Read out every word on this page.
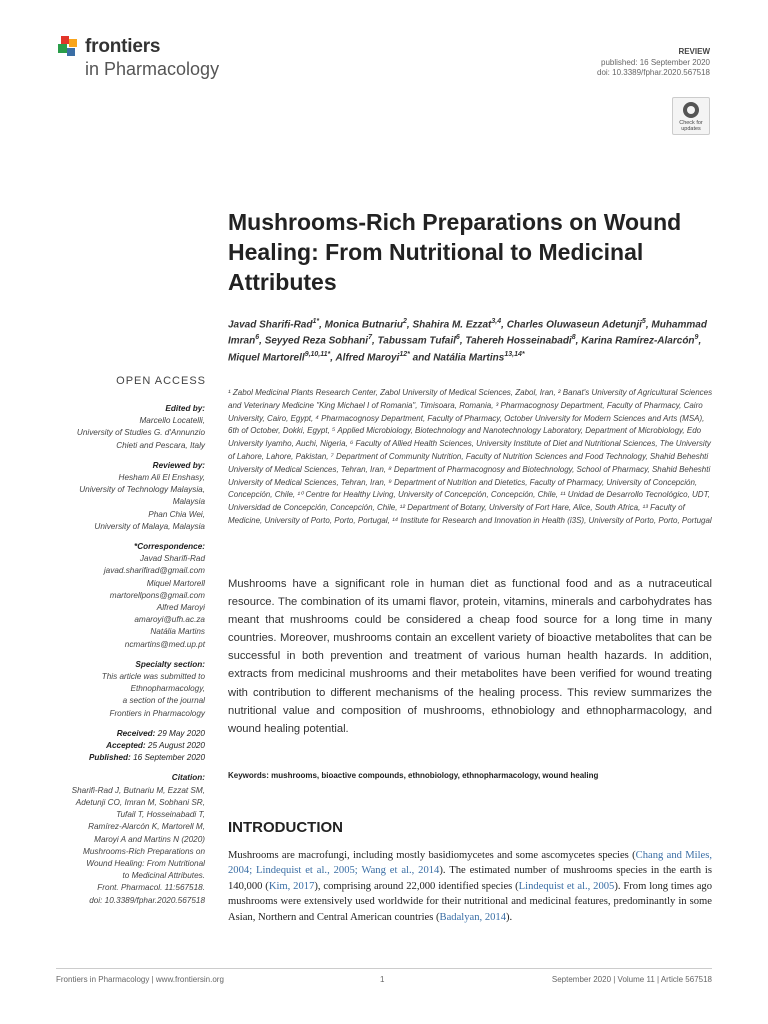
frontiers
in Pharmacology
REVIEW
published: 16 September 2020
doi: 10.3389/fphar.2020.567518
Check for updates
Mushrooms-Rich Preparations on Wound Healing: From Nutritional to Medicinal Attributes
Javad Sharifi-Rad$^{1*}$, Monica Butnariu$^2$, Shahira M. Ezzat$^{3,4}$, Charles Oluwaseun Adetunji$^5$, Muhammad Imran$^6$, Seyyed Reza Sobhani$^7$, Tabussam Tufail$^6$, Tahereh Hosseinabadi$^8$, Karina Ramírez-Alarcón$^9$, Miquel Martorell$^{9,10,11*}$, Alfred Maroyi$^{12*}$ and Natália Martins$^{13,14*}$
¹ Zabol Medicinal Plants Research Center, Zabol University of Medical Sciences, Zabol, Iran, ² Banat's University of Agricultural Sciences and Veterinary Medicine "King Michael I of Romania", Timisoara, Romania, ³ Pharmacognosy Department, Faculty of Pharmacy, Cairo University, Cairo, Egypt, ⁴ Pharmacognosy Department, Faculty of Pharmacy, October University for Modern Sciences and Arts (MSA), 6th of October, Dokki, Egypt, ⁵ Applied Microbiology, Biotechnology and Nanotechnology Laboratory, Department of Microbiology, Edo University Iyamho, Auchi, Nigeria, ⁶ Faculty of Allied Health Sciences, University Institute of Diet and Nutritional Sciences, The University of Lahore, Lahore, Pakistan, ⁷ Department of Community Nutrition, Faculty of Nutrition Sciences and Food Technology, Shahid Beheshti University of Medical Sciences, Tehran, Iran, ⁸ Department of Pharmacognosy and Biotechnology, School of Pharmacy, Shahid Beheshti University of Medical Sciences, Tehran, Iran, ⁹ Department of Nutrition and Dietetics, Faculty of Pharmacy, University of Concepción, Concepción, Chile, ¹⁰ Centre for Healthy Living, University of Concepción, Concepción, Chile, ¹¹ Unidad de Desarrollo Tecnológico, UDT, Universidad de Concepción, Concepción, Chile, ¹² Department of Botany, University of Fort Hare, Alice, South Africa, ¹³ Faculty of Medicine, University of Porto, Porto, Portugal, ¹⁴ Institute for Research and Innovation in Health (i3S), University of Porto, Porto, Portugal
Mushrooms have a significant role in human diet as functional food and as a nutraceutical resource. The combination of its umami flavor, protein, vitamins, minerals and carbohydrates has meant that mushrooms could be considered a cheap food source for a long time in many countries. Moreover, mushrooms contain an excellent variety of bioactive metabolites that can be successful in both prevention and treatment of various human health hazards. In addition, extracts from medicinal mushrooms and their metabolites have been verified for wound treating with contribution to different mechanisms of the healing process. This review summarizes the nutritional value and composition of mushrooms, ethnobiology and ethnopharmacology, and wound healing potential.
Keywords: mushrooms, bioactive compounds, ethnobiology, ethnopharmacology, wound healing
INTRODUCTION
Mushrooms are macrofungi, including mostly basidiomycetes and some ascomycetes species (Chang and Miles, 2004; Lindequist et al., 2005; Wang et al., 2014). The estimated number of mushrooms species in the earth is 140,000 (Kim, 2017), comprising around 22,000 identified species (Lindequist et al., 2005). From long times ago mushrooms were extensively used worldwide for their nutritional and medicinal features, predominantly in some Asian, Northern and Central American countries (Badalyan, 2014).
OPEN ACCESS
Edited by:
Marcello Locatelli,
University of Studies G. d'Annunzio
Chieti and Pescara, Italy
Reviewed by:
Hesham Ali El Enshasy,
University of Technology Malaysia,
Malaysia
Phan Chia Wei,
University of Malaya, Malaysia
*Correspondence:
Javad Sharifi-Rad
javad.sharifirad@gmail.com
Miquel Martorell
martorellpons@gmail.com
Alfred Maroyi
amaroyi@ufh.ac.za
Natália Martins
ncmartins@med.up.pt
Specialty section:
This article was submitted to
Ethnopharmacology,
a section of the journal
Frontiers in Pharmacology
Received: 29 May 2020
Accepted: 25 August 2020
Published: 16 September 2020
Citation:
Sharifi-Rad J, Butnariu M, Ezzat SM,
Adetunji CO, Imran M, Sobhani SR,
Tufail T, Hosseinabadi T,
Ramírez-Alarcón K, Martorell M,
Maroyi A and Martins N (2020)
Mushrooms-Rich Preparations on
Wound Healing: From Nutritional
to Medicinal Attributes.
Front. Pharmacol. 11:567518.
doi: 10.3389/fphar.2020.567518
Frontiers in Pharmacology | www.frontiersin.org	1	September 2020 | Volume 11 | Article 567518
